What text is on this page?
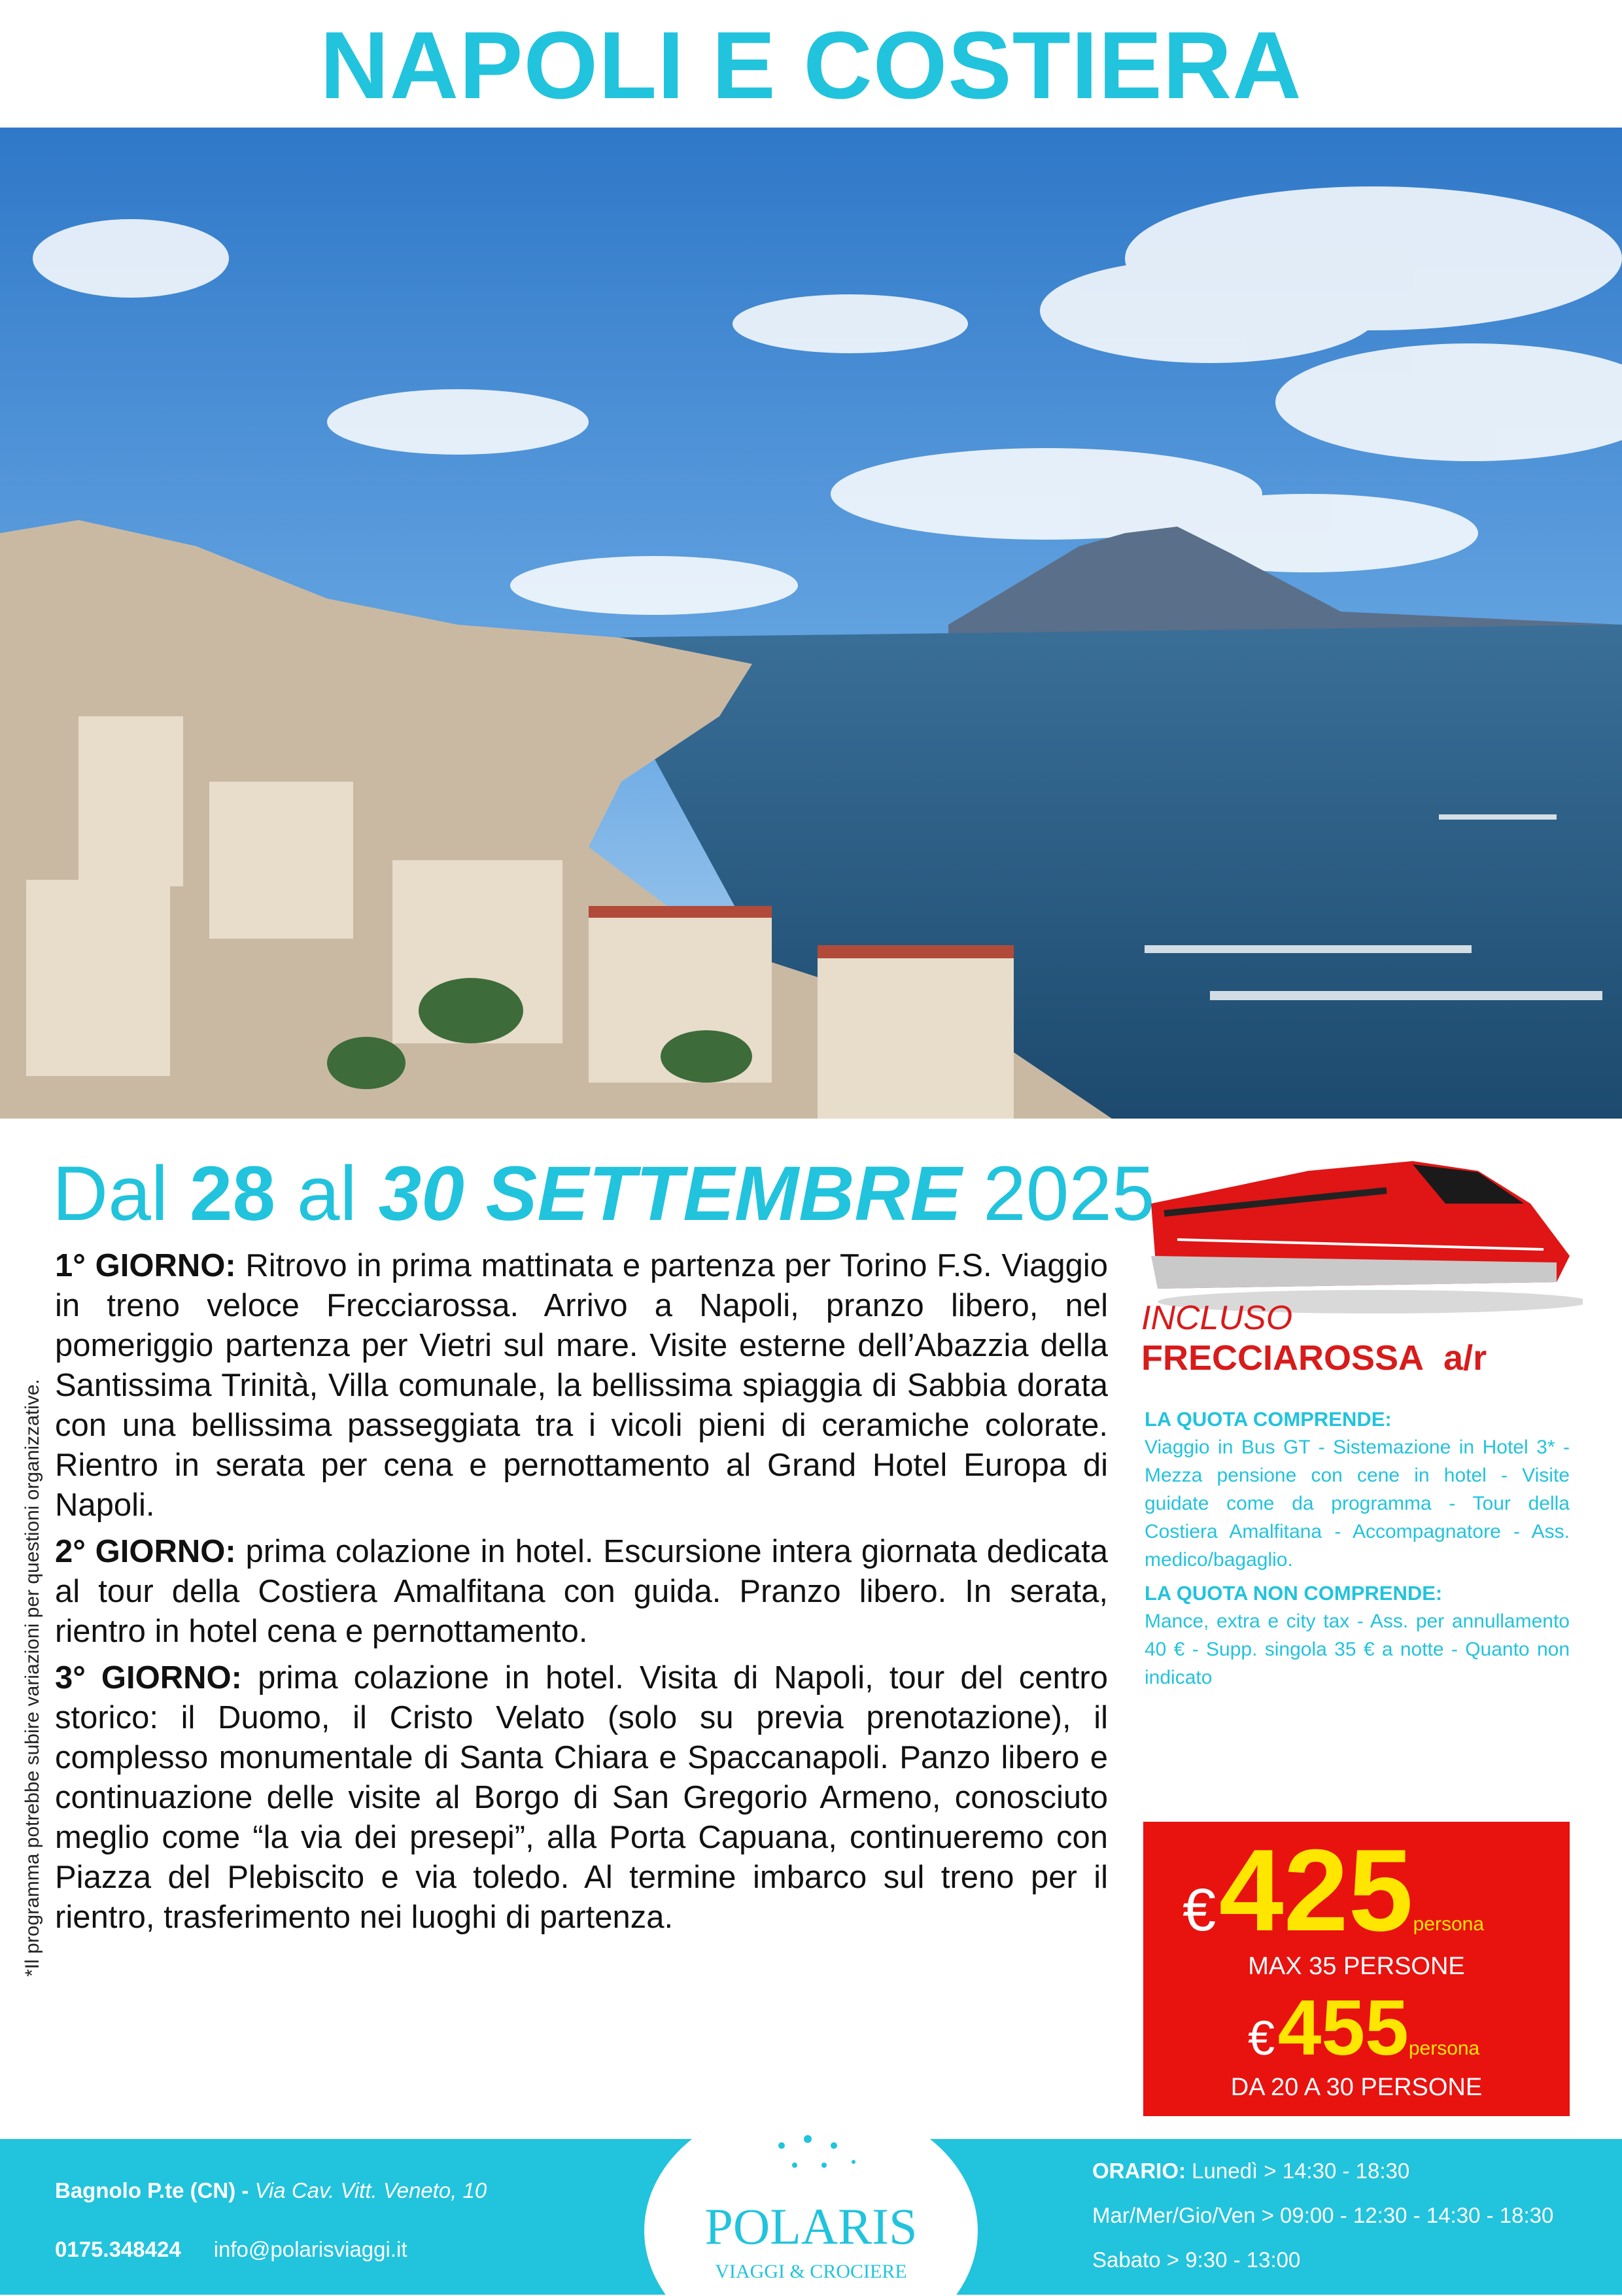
NAPOLI E COSTIERA
Dal 28 al 30 SETTEMBRE 2025
*Il programma potrebbe subire variazioni per questioni organizzative.

1° GIORNO: Ritrovo in prima mattinata e partenza per Torino F.S. Viaggio in treno veloce Frecciarossa. Arrivo a Napoli, pranzo libero, nel pomeriggio partenza per Vietri sul mare. Visite esterne dell’Abazzia della Santissima Trinità, Villa comunale, la bellissima spiaggia di Sabbia dorata con una bellissima passeggiata tra i vicoli pieni di ceramiche colorate. Rientro in serata per cena e pernottamento al Grand Hotel Europa di Napoli.

2° GIORNO: prima colazione in hotel. Escursione intera giornata dedicata al tour della Costiera Amalfitana con guida. Pranzo libero. In serata, rientro in hotel cena e pernottamento.

3° GIORNO: prima colazione in hotel. Visita di Napoli, tour del centro storico: il Duomo, il Cristo Velato (solo su previa prenotazione), il complesso monumentale di Santa Chiara e Spaccanapoli. Panzo libero e continuazione delle visite al Borgo di San Gregorio Armeno, conosciuto meglio come “la via dei presepi”, alla Porta Capuana, continueremo con Piazza del Plebiscito e via toledo. Al termine imbarco sul treno per il rientro, trasferimento nei luoghi di partenza.

INCLUSO
FRECCIAROSSA a/r
LA QUOTA COMPRENDE:

Viaggio in Bus GT - Sistemazione in Hotel 3* - Mezza pensione con cene in hotel - Visite guidate come da programma - Tour della Costiera Amalfitana - Accompagnatore - Ass. medico/bagaglio.

LA QUOTA NON COMPRENDE:

Mance, extra e city tax - Ass. per annullamento 40 € - Supp. singola 35 € a notte - Quanto non indicato

€ 425persona
MAX 35 PERSONE
€ 455persona
DA 20 A 30 PERSONE
Bagnolo P.te (CN) - Via Cav. Vitt. Veneto, 10
0175.348424 info@polarisviaggi.it
ORARIO: Lunedì > 14:30 - 18:30
Mar/Mer/Gio/Ven > 09:00 - 12:30 - 14:30 - 18:30
Sabato > 9:30 - 13:00
POLARIS
VIAGGI & CROCIERE
